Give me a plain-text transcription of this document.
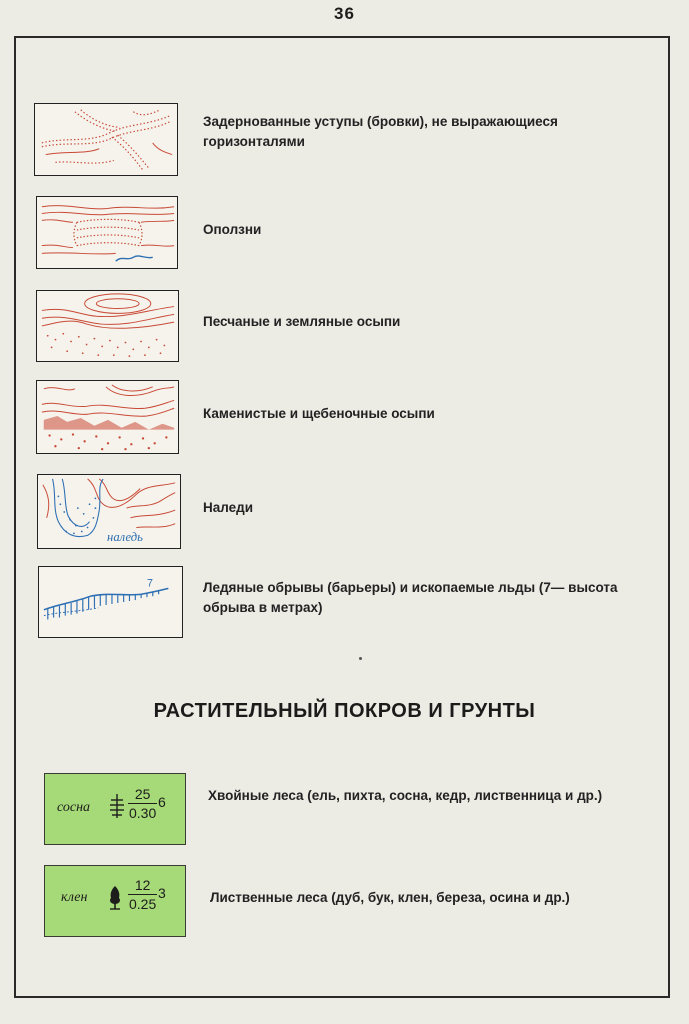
36
Задернованные уступы (бровки), не выражающиеся горизонталями
Оползни
Песчаные и земляные осыпи
Каменистые и щебеночные осыпи
наледь
Наледи
7	Ледяные обрывы (барьеры) и ископаемые льды (7— высота обрыва в метрах)
РАСТИТЕЛЬНЫЙ ПОКРОВ И ГРУНТЫ
сосна	$\frac{25}{0.30} 6$	Хвойные леса (ель, пихта, сосна, кедр, лиственница и др.)
клен	$\frac{12}{0.25} 3$	Лиственные леса (дуб, бук, клен, береза, осина и др.)
